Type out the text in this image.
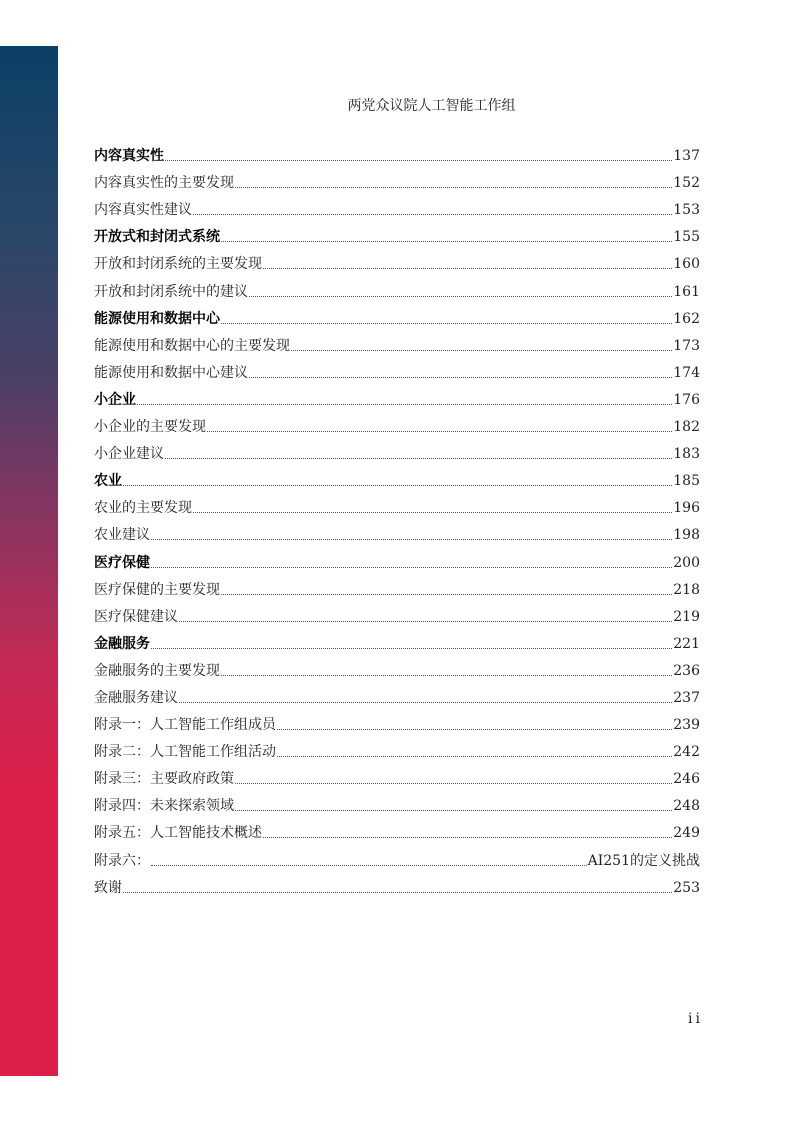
两党众议院人工智能工作组
内容真实性	137
内容真实性的主要发现	152
内容真实性建议	153
开放式和封闭式系统	155
开放和封闭系统的主要发现	160
开放和封闭系统中的建议	161
能源使用和数据中心	162
能源使用和数据中心的主要发现	173
能源使用和数据中心建议	174
小企业	176
小企业的主要发现	182
小企业建议	183
农业	185
农业的主要发现	196
农业建议	198
医疗保健	200
医疗保健的主要发现	218
医疗保健建议	219
金融服务	221
金融服务的主要发现	236
金融服务建议	237
附录一：人工智能工作组成员	239
附录二：人工智能工作组活动	242
附录三：主要政府政策	246
附录四：未来探索领域	248
附录五：人工智能技术概述	249
附录六：	AI251的定义挑战
致谢	253
ii
